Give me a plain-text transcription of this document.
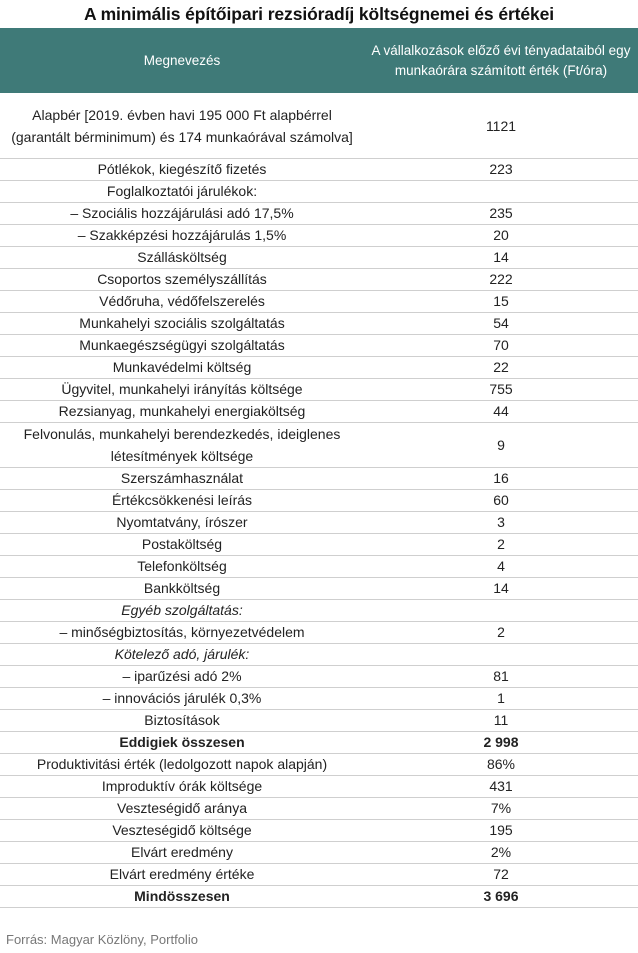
A minimális építőipari rezsióradíj költségnemei és értékei
Megnevezés	A vállalkozások előző évi tényadataiból egy munkaórára számított érték (Ft/óra)
Alapbér [2019. évben havi 195 000 Ft alapbérrel (garantált bérminimum) és 174 munkaórával számolva]	1121
Pótlékok, kiegészítő fizetés	223
Foglalkoztatói járulékok:	
– Szociális hozzájárulási adó 17,5%	235
– Szakképzési hozzájárulás 1,5%	20
Szállásköltség	14
Csoportos személyszállítás	222
Védőruha, védőfelszerelés	15
Munkahelyi szociális szolgáltatás	54
Munkaegészségügyi szolgáltatás	70
Munkavédelmi költség	22
Ügyvitel, munkahelyi irányítás költsége	755
Rezsianyag, munkahelyi energiaköltség	44
Felvonulás, munkahelyi berendezkedés, ideiglenes létesítmények költsége	9
Szerszámhasználat	16
Értékcsökkenési leírás	60
Nyomtatvány, írószer	3
Postaköltség	2
Telefonköltség	4
Bankköltség	14
Egyéb szolgáltatás:	
– minőségbiztosítás, környezetvédelem	2
Kötelező adó, járulék:	
– iparűzési adó 2%	81
– innovációs járulék 0,3%	1
Biztosítások	11
Eddigiek összesen	2 998
Produktivitási érték (ledolgozott napok alapján)	86%
Improduktív órák költsége	431
Veszteségidő aránya	7%
Veszteségidő költsége	195
Elvárt eredmény	2%
Elvárt eredmény értéke	72
Mindösszesen	3 696
Forrás: Magyar Közlöny, Portfolio
